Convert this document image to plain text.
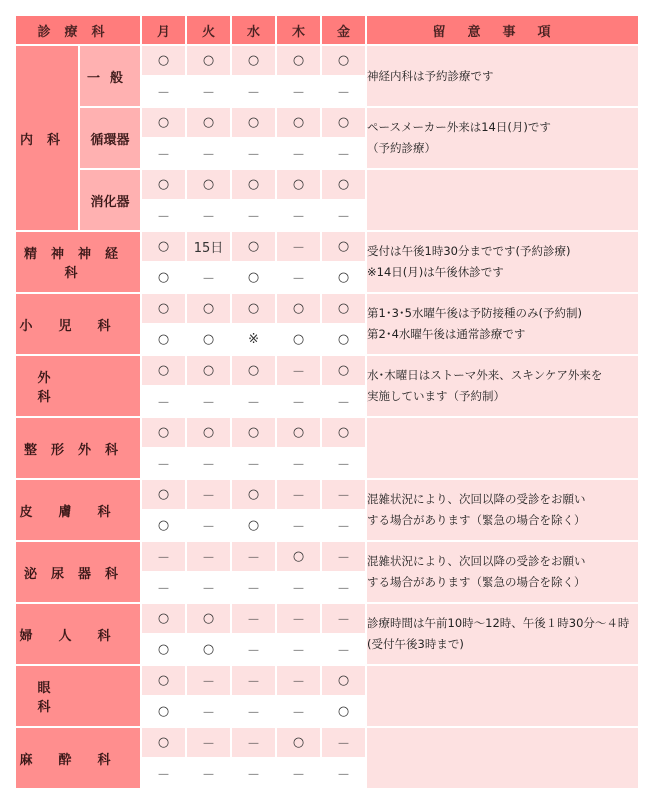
診療科		月	火	水	木	金	留意事項
内科	一般	○	○	○	○	○	神経内科は予約診療です

		－	－	－	－	－	
	循環器	○	○	○	○	○	ペースメーカー外来は14日(月)です
（予約診療）

		－	－	－	－	－	
	消化器	○	○	○	○	○	
		－	－	－	－	－	
精神神経科		○	15日	○	－	○	受付は午後1時30分までです(予約診療)
※14日(月)は午後休診です

		○	－	○	－	○	
小児科		○	○	○	○	○	第1･3･5水曜午後は予防接種のみ(予約制)
第2･4水曜午後は通常診療です

		○	○	※	○	○	
外科		○	○	○	－	○	水･木曜日はストーマ外来、スキンケア外来を
実施しています（予約制）

		－	－	－	－	－	
整形外科		○	○	○	○	○	
		－	－	－	－	－	
皮膚科		○	－	○	－	－	混雑状況により、次回以降の受診をお願い
する場合があります（緊急の場合を除く）

		○	－	○	－	－	
泌尿器科		－	－	－	○	－	混雑状況により、次回以降の受診をお願い
する場合があります（緊急の場合を除く）

		－	－	－	－	－	
婦人科		○	○	－	－	－	診療時間は午前10時～12時、午後１時30分～４時
(受付午後3時まで)

		○	○	－	－	－	
眼科		○	－	－	－	○	
		○	－	－	－	○	
麻酔科		○	－	－	○	－	
		－	－	－	－	－	
